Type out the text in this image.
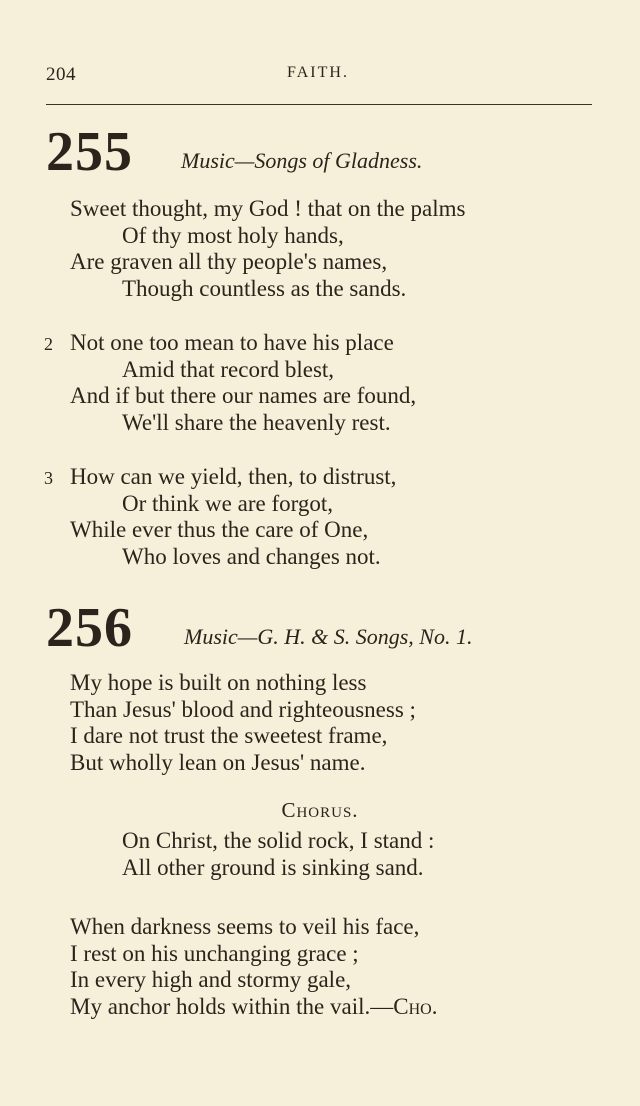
204	FAITH.
255 Music—Songs of Gladness.
Sweet thought, my God ! that on the palms
Of thy most holy hands,
Are graven all thy people's names,
Though countless as the sands.
2 Not one too mean to have his place
Amid that record blest,
And if but there our names are found,
We'll share the heavenly rest.
3 How can we yield, then, to distrust,
Or think we are forgot,
While ever thus the care of One,
Who loves and changes not.
256 Music—G. H. & S. Songs, No. 1.
My hope is built on nothing less
Than Jesus' blood and righteousness ;
I dare not trust the sweetest frame,
But wholly lean on Jesus' name.
Chorus.
On Christ, the solid rock, I stand :
All other ground is sinking sand.
When darkness seems to veil his face,
I rest on his unchanging grace ;
In every high and stormy gale,
My anchor holds within the vail.—Cho.
